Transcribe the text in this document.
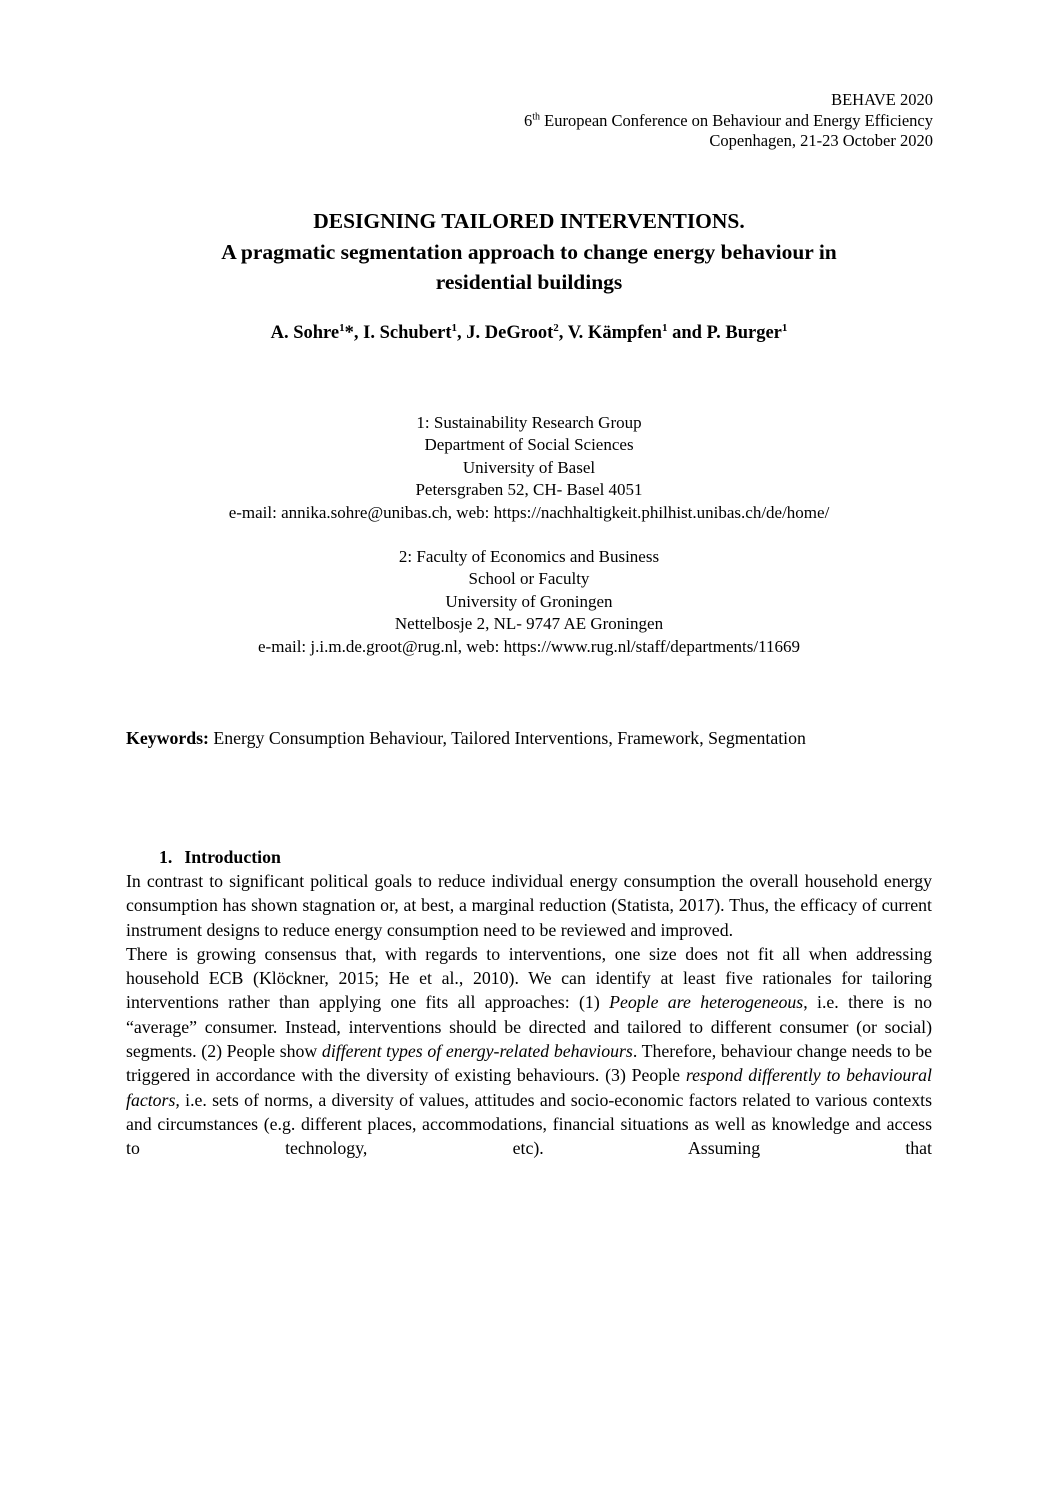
BEHAVE 2020
6th European Conference on Behaviour and Energy Efficiency
Copenhagen, 21-23 October 2020
DESIGNING TAILORED INTERVENTIONS.
A pragmatic segmentation approach to change energy behaviour in
residential buildings
A. Sohre$^1$*, I. Schubert$^1$, J. DeGroot$^2$, V. Kämpfen$^1$ and P. Burger$^1$
1: Sustainability Research Group
Department of Social Sciences
University of Basel
Petersgraben 52, CH- Basel 4051
e-mail: annika.sohre@unibas.ch, web: https://nachhaltigkeit.philhist.unibas.ch/de/home/
2: Faculty of Economics and Business
School or Faculty
University of Groningen
Nettelbosje 2, NL- 9747 AE Groningen
e-mail: j.i.m.de.groot@rug.nl, web: https://www.rug.nl/staff/departments/11669
Keywords: Energy Consumption Behaviour, Tailored Interventions, Framework, Segmentation
1. Introduction

In contrast to significant political goals to reduce individual energy consumption the overall household energy consumption has shown stagnation or, at best, a marginal reduction (Statista, 2017). Thus, the efficacy of current instrument designs to reduce energy consumption need to be reviewed and improved.

There is growing consensus that, with regards to interventions, one size does not fit all when addressing household ECB (Klöckner, 2015; He et al., 2010). We can identify at least five rationales for tailoring interventions rather than applying one fits all approaches: (1) People are heterogeneous, i.e. there is no “average” consumer. Instead, interventions should be directed and tailored to different consumer (or social) segments. (2) People show different types of energy-related behaviours. Therefore, behaviour change needs to be triggered in accordance with the diversity of existing behaviours. (3) People respond differently to behavioural factors, i.e. sets of norms, a diversity of values, attitudes and socio-economic factors related to various contexts and circumstances (e.g. different places, accommodations, financial situations as well as knowledge and access to technology, etc). Assuming that
